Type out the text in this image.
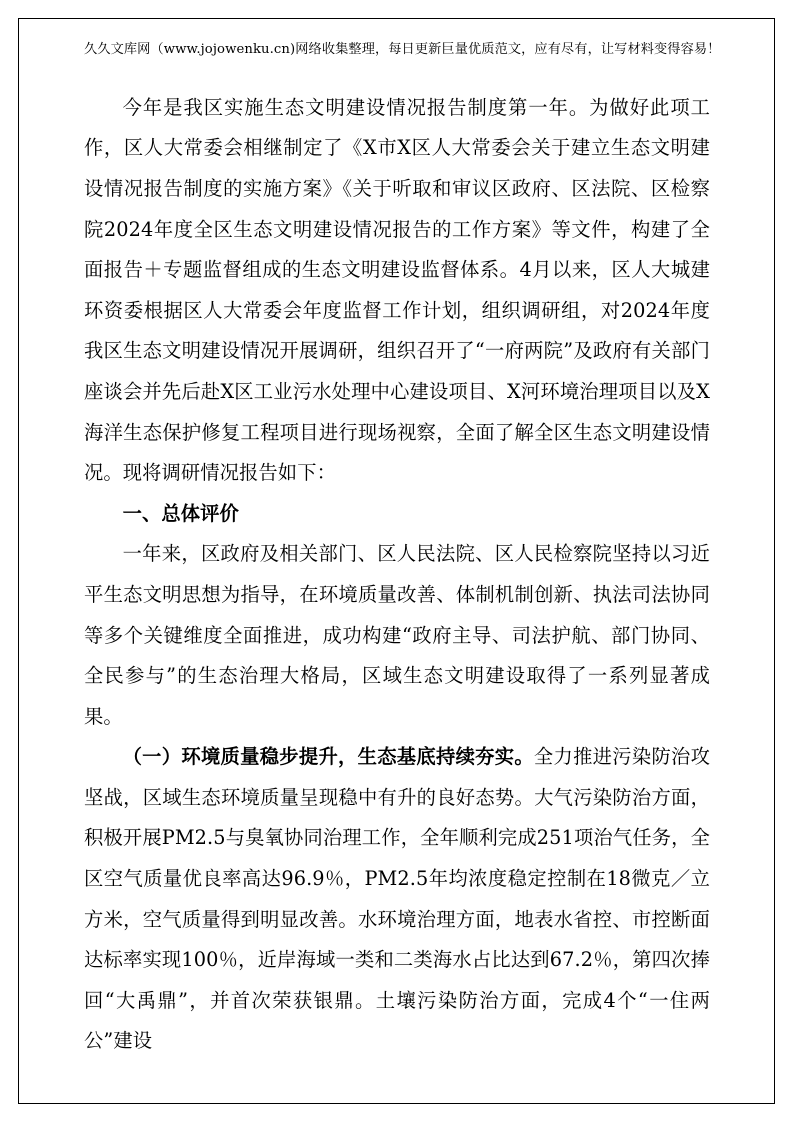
久久文库网（www.jojowenku.cn)网络收集整理，每日更新巨量优质范文，应有尽有，让写材料变得容易！

今年是我区实施生态文明建设情况报告制度第一年。为做好此项工作，区人大常委会相继制定了《X市X区人大常委会关于建立生态文明建设情况报告制度的实施方案》《关于听取和审议区政府、区法院、区检察院2024年度全区生态文明建设情况报告的工作方案》等文件，构建了全面报告＋专题监督组成的生态文明建设监督体系。4月以来，区人大城建环资委根据区人大常委会年度监督工作计划，组织调研组，对2024年度我区生态文明建设情况开展调研，组织召开了“一府两院”及政府有关部门座谈会并先后赴X区工业污水处理中心建设项目、X河环境治理项目以及X海洋生态保护修复工程项目进行现场视察，全面了解全区生态文明建设情况。现将调研情况报告如下：

一、总体评价

一年来，区政府及相关部门、区人民法院、区人民检察院坚持以习近平生态文明思想为指导，在环境质量改善、体制机制创新、执法司法协同等多个关键维度全面推进，成功构建“政府主导、司法护航、部门协同、全民参与”的生态治理大格局，区域生态文明建设取得了一系列显著成果。

（一）环境质量稳步提升，生态基底持续夯实。全力推进污染防治攻坚战，区域生态环境质量呈现稳中有升的良好态势。大气污染防治方面，积极开展PM2.5与臭氧协同治理工作，全年顺利完成251项治气任务，全区空气质量优良率高达96.9％，PM2.5年均浓度稳定控制在18微克／立方米，空气质量得到明显改善。水环境治理方面，地表水省控、市控断面达标率实现100％，近岸海域一类和二类海水占比达到67.2％，第四次捧回“大禹鼎”，并首次荣获银鼎。土壤污染防治方面，完成4个“一住两公”建设
